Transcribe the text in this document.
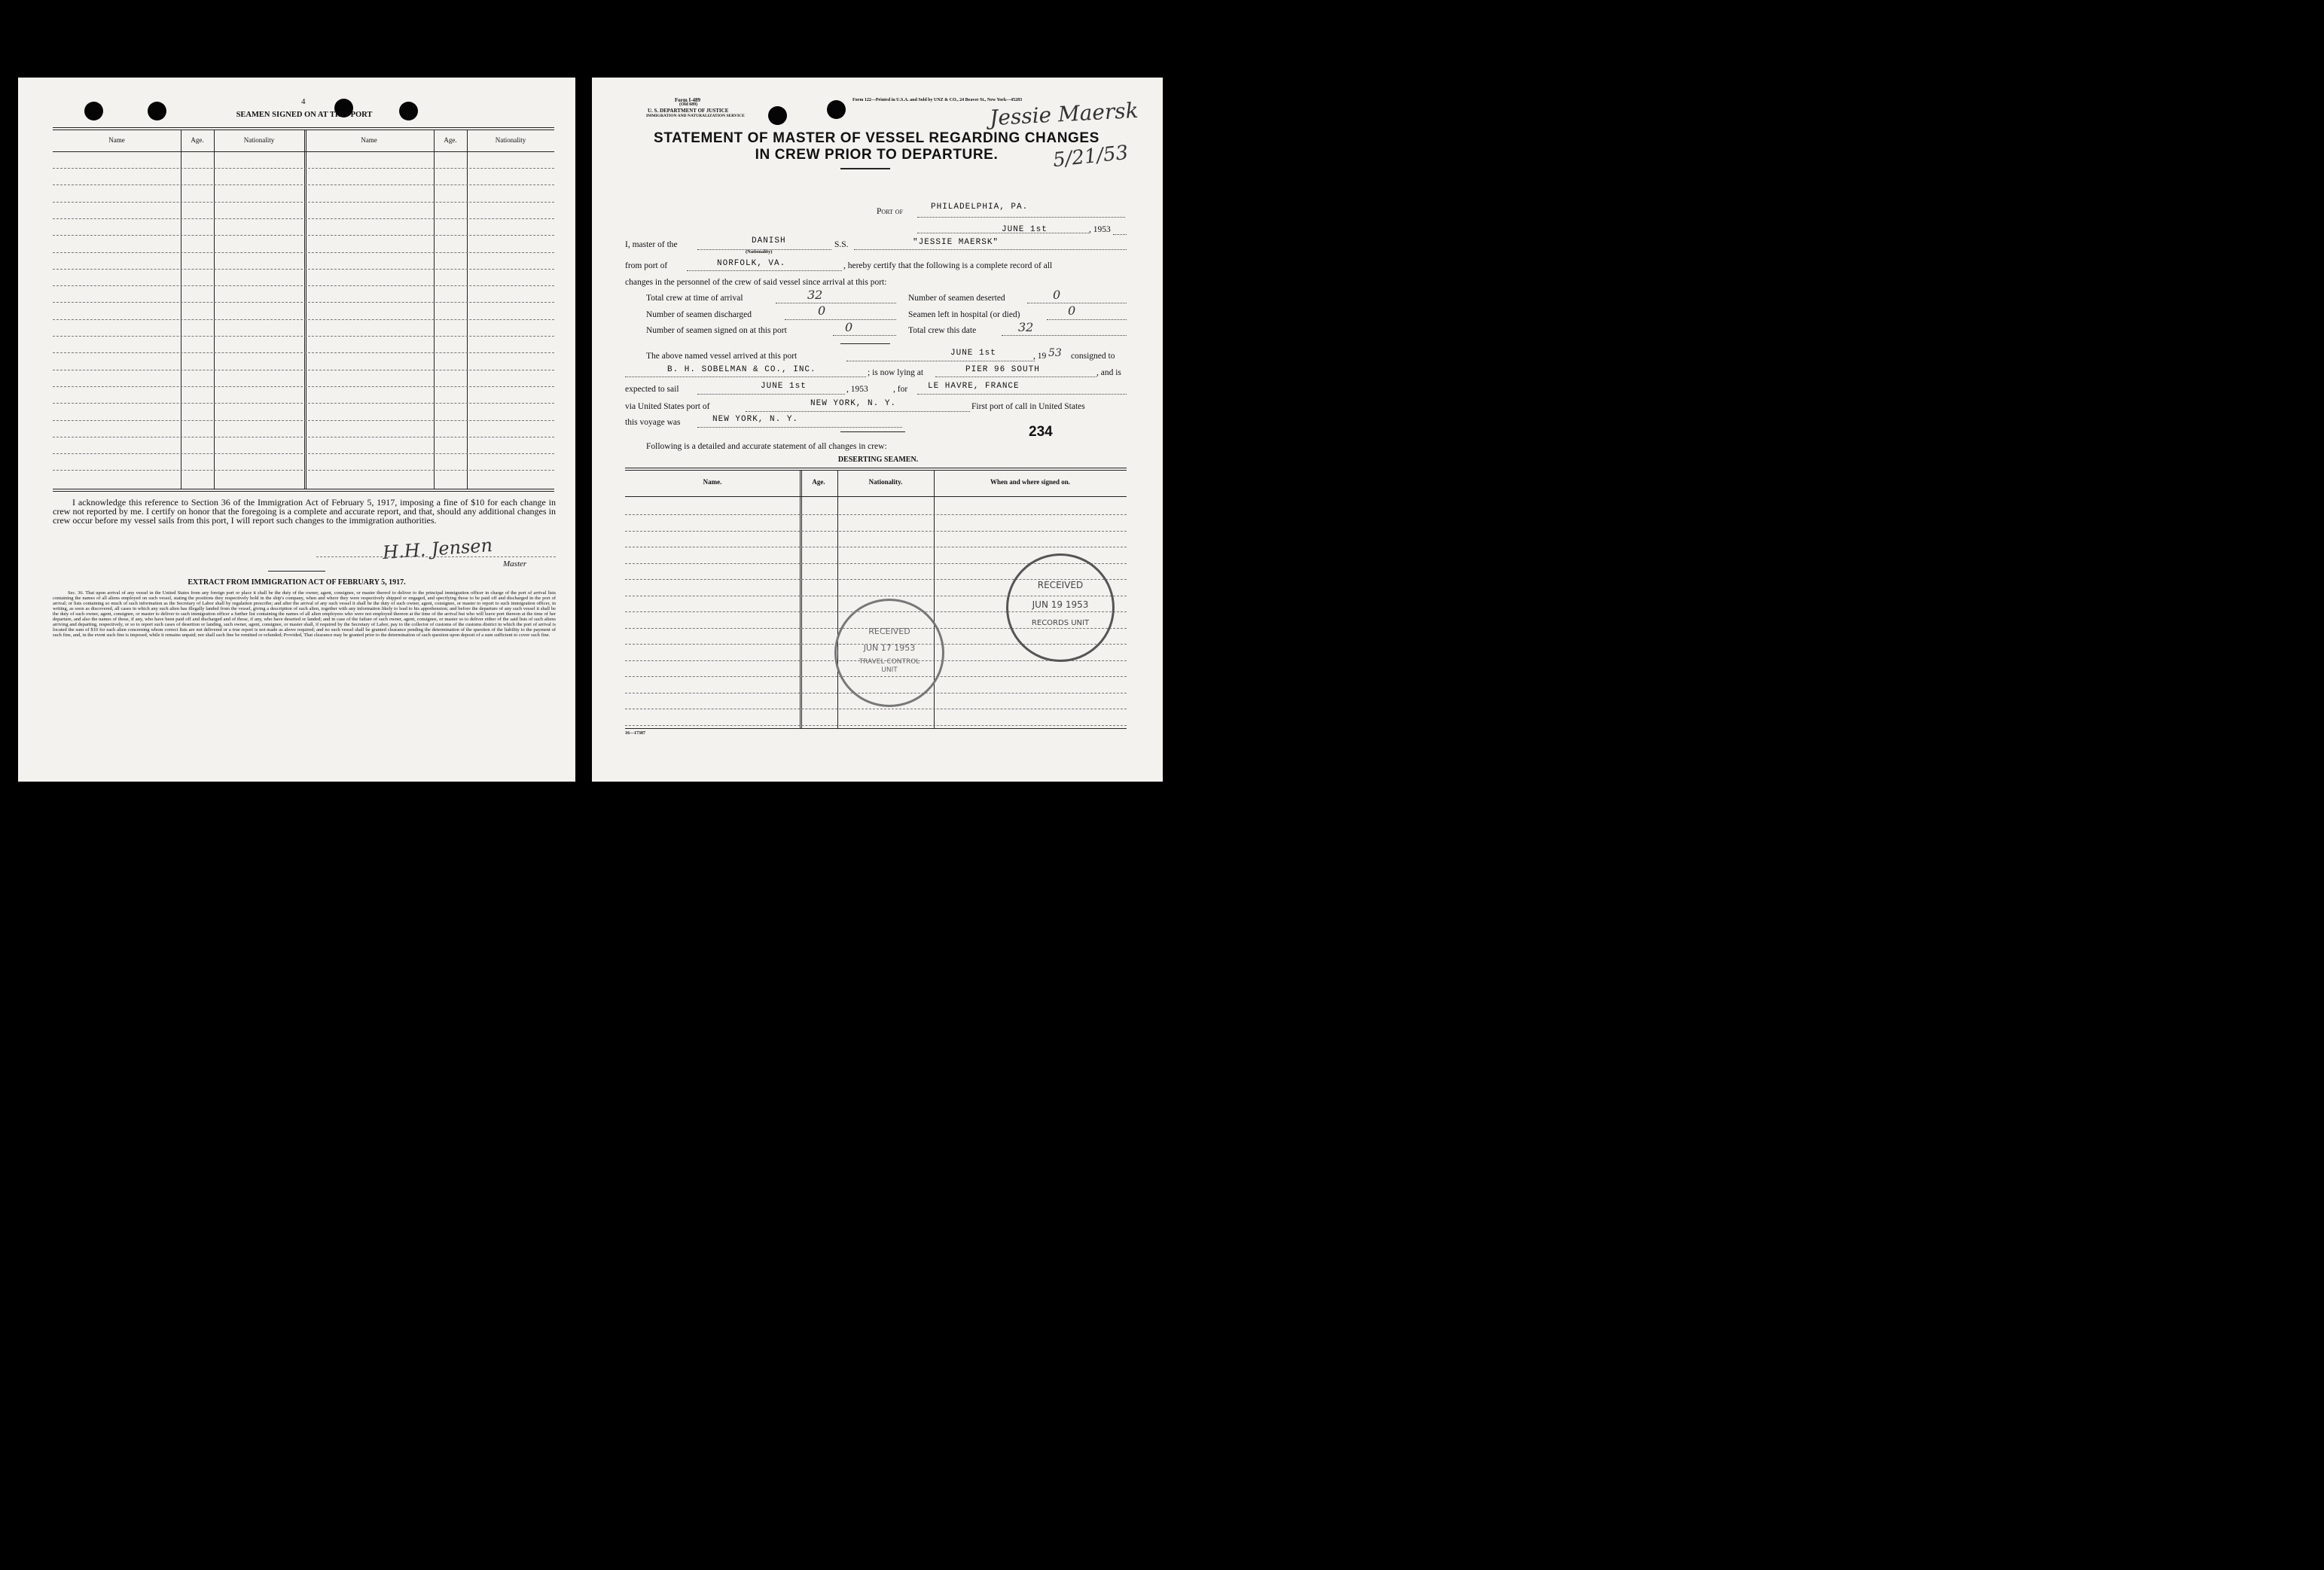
4
SEAMEN SIGNED ON AT THIS PORT
Name	Age.	Nationality	Name	Age.	Nationality
I acknowledge this reference to Section 36 of the Immigration Act of February 5, 1917, imposing a fine of $10 for each change in crew not reported by me. I certify on honor that the foregoing is a complete and accurate report, and that, should any additional changes in crew occur before my vessel sails from this port, I will report such changes to the immigration authorities.
H.H. Jensen
Master
EXTRACT FROM IMMIGRATION ACT OF FEBRUARY 5, 1917.
Sec. 36. That upon arrival of any vessel in the United States from any foreign port or place it shall be the duty of the owner, agent, consignee, or master thereof to deliver to the principal immigration officer in charge of the port of arrival lists containing the names of all aliens employed on such vessel, stating the positions they respectively hold in the ship's company, when and where they were respectively shipped or engaged, and specifying those to be paid off and discharged in the port of arrival; or lists containing so much of such information as the Secretary of Labor shall by regulation prescribe; and after the arrival of any such vessel it shall be the duty of such owner, agent, consignee, or master to report to such immigration officer, in writing, as soon as discovered, all cases in which any such alien has illegally landed from the vessel, giving a description of such alien, together with any information likely to lead to his apprehension; and before the departure of any such vessel it shall be the duty of such owner, agent, consignee, or master to deliver to such immigration officer a further list containing the names of all alien employees who were not employed thereon at the time of the arrival but who will leave port thereon at the time of her departure, and also the names of those, if any, who have been paid off and discharged and of those, if any, who have deserted or landed; and in case of the failure of such owner, agent, consignee, or master so to deliver either of the said lists of such aliens arriving and departing, respectively, or so to report such cases of desertion or landing, such owner, agent, consignee, or master shall, if required by the Secretary of Labor, pay to the collector of customs of the customs district in which the port of arrival is located the sum of $10 for each alien concerning whom correct lists are not delivered or a true report is not made as above required; and no such vessel shall be granted clearance pending the determination of the question of the liability to the payment of such fine, and, in the event such fine is imposed, while it remains unpaid; nor shall such fine be remitted or refunded; Provided, That clearance may be granted prior to the determination of such question upon deposit of a sum sufficient to cover such fine.
Form I-489
(Old 689)
U. S. DEPARTMENT OF JUSTICE
IMMIGRATION AND NATURALIZATION SERVICE
Form 122—Printed in U.S.A. and Sold by UNZ & CO., 24 Beaver St., New York—45283
Jessie Maersk
5/21/53
STATEMENT OF MASTER OF VESSEL REGARDING CHANGES
IN CREW PRIOR TO DEPARTURE.
Port of	PHILADELPHIA, PA.
JUNE 1st	, 1953
I, master of the	DANISH
(Nationality)
S.S.	"JESSIE MAERSK"
from port of	NORFOLK, VA.	, hereby certify that the following is a complete record of all
changes in the personnel of the crew of said vessel since arrival at this port:
Total crew at time of arrival	32	Number of seamen deserted	0
Number of seamen discharged	0	Seamen left in hospital (or died)	0
Number of seamen signed on at this port	0	Total crew this date	32
The above named vessel arrived at this port	JUNE 1st	, 19 53 consigned to
B. H. SOBELMAN & CO., INC.	; is now lying at	PIER 96 SOUTH	, and is
expected to sail	JUNE 1st	, 1953	, for LE HAVRE, FRANCE
via United States port of	NEW YORK, N. Y.	First port of call in United States
this voyage was	NEW YORK, N. Y.
234
Following is a detailed and accurate statement of all changes in crew:
DESERTING SEAMEN.
Name.	Age.	Nationality.	When and where signed on.
RECEIVED
JUN 19 1953
RECORDS UNIT
RECEIVED
JUN 17 1953
TRAVEL CONTROL UNIT
16—17387
